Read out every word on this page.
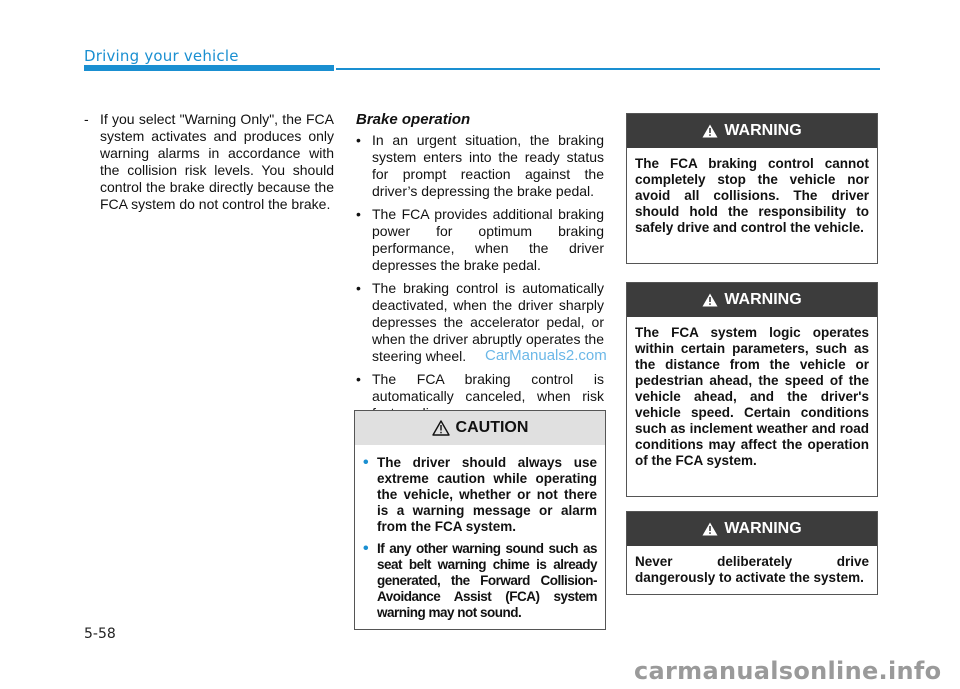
Driving your vehicle
- If you select "Warning Only", the FCA system activates and produces only warning alarms in accordance with the collision risk levels. You should control the brake directly because the FCA system do not control the brake.
Brake operation
• In an urgent situation, the braking system enters into the ready status for prompt reaction against the driver’s depressing the brake pedal.
• The FCA provides additional braking power for optimum braking performance, when the driver depresses the brake pedal.
• The braking control is automatically deactivated, when the driver sharply depresses the accelerator pedal, or when the driver abruptly operates the steering wheel.
• The FCA braking control is automatically canceled, when risk
CarManuals2.com
CAUTION
• The driver should always use extreme caution while operating the vehicle, whether or not there is a warning message or alarm from the FCA system.
• If any other warning sound such as seat belt warning chime is already generated, the Forward Collision-Avoidance Assist (FCA) system warning may not sound.
WARNING
The FCA braking control cannot completely stop the vehicle nor avoid all collisions. The driver should hold the responsibility to safely drive and control the vehicle.
WARNING
The FCA system logic operates within certain parameters, such as the distance from the vehicle or pedestrian ahead, the speed of the vehicle ahead, and the driver's vehicle speed. Certain conditions such as inclement weather and road conditions may affect the operation of the FCA system.
WARNING
Never deliberately drive dangerously to activate the system.
5-58
carmanualsonline.info
